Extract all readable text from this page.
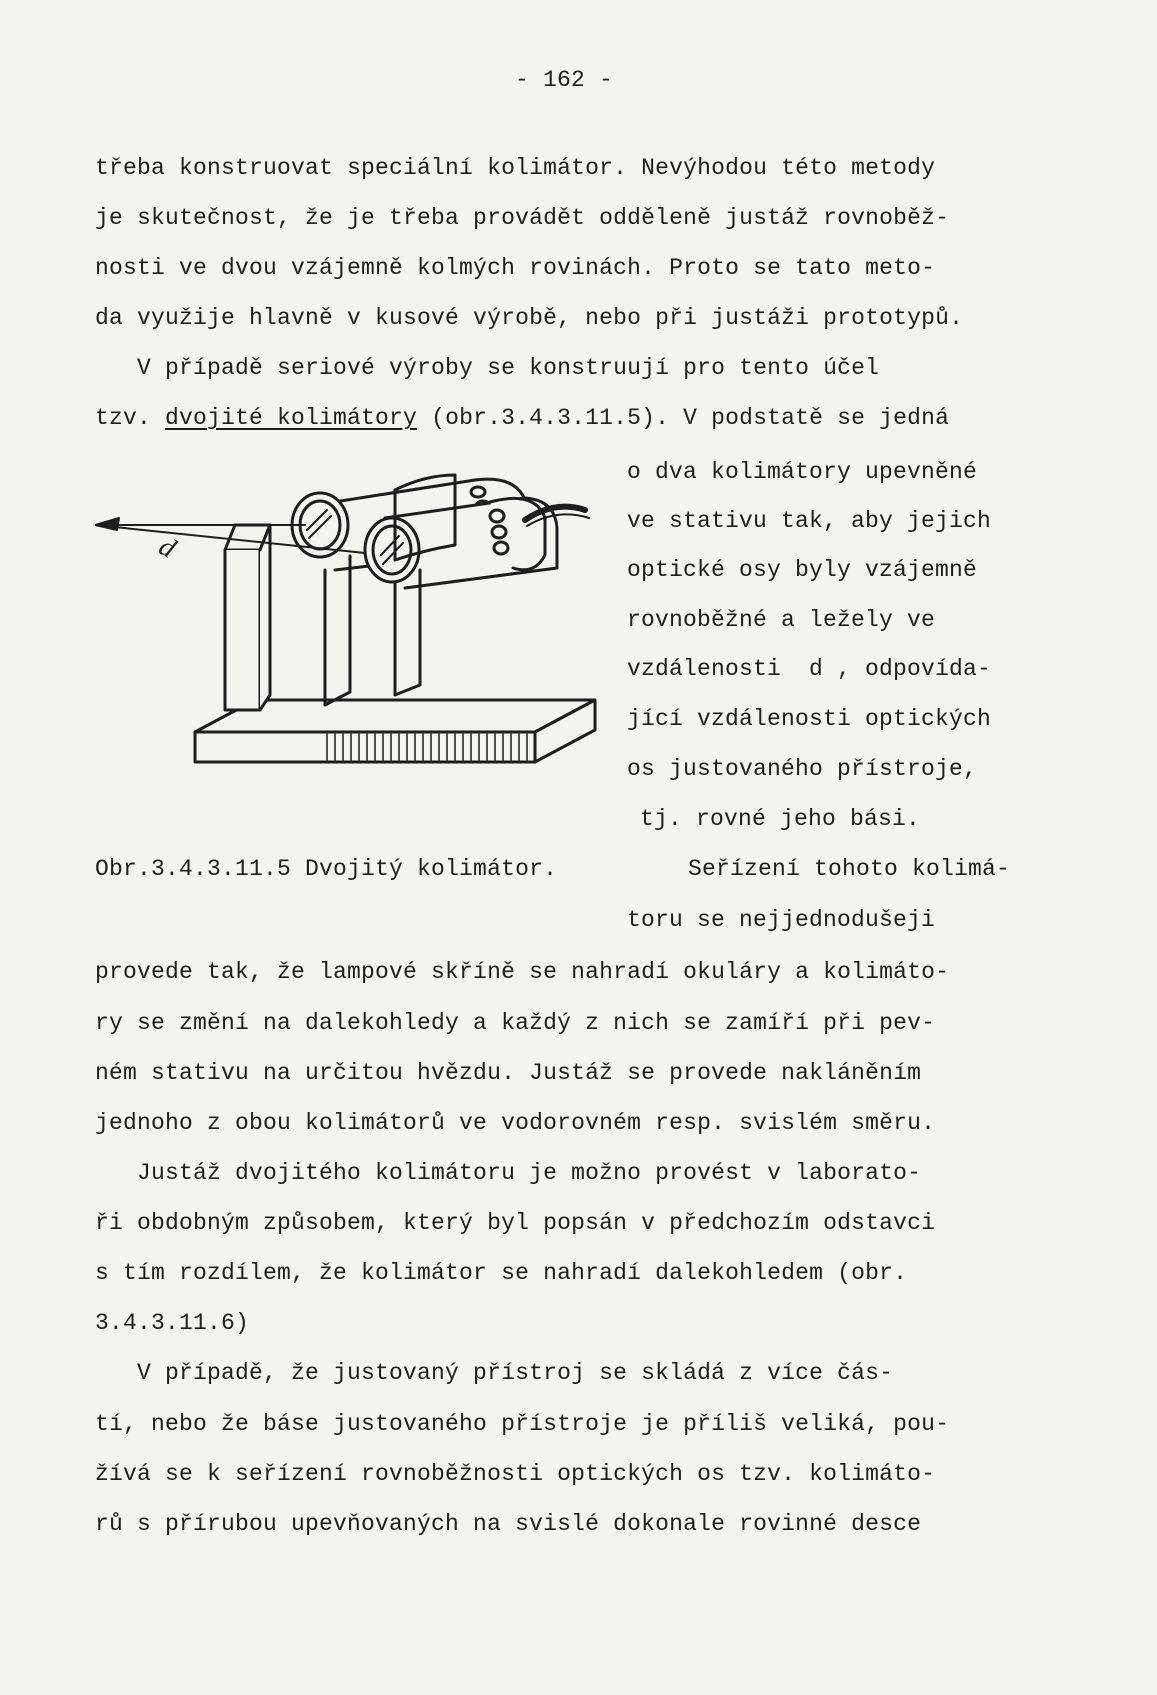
- 162 -
třeba konstruovat speciální kolimátor. Nevýhodou této metody
je skutečnost, že je třeba provádět odděleně justáž rovnoběž-
nosti ve dvou vzájemně kolmých rovinách. Proto se tato meto-
da využije hlavně v kusové výrobě, nebo při justáži prototypů.
V případě seriové výroby se konstruují pro tento účel
tzv. dvojité kolimátory (obr.3.4.3.11.5). V podstatě se jedná
o dva kolimátory upevněné
ve stativu tak, aby jejich
optické osy byly vzájemně
rovnoběžné a ležely ve
vzdálenosti  d , odpovída-
jící vzdálenosti optických
os justovaného přístroje,
tj. rovné jeho bási.
d
Obr.3.4.3.11.5 Dvojitý kolimátor.	Seřízení tohoto kolimá-
toru se nejjednodušeji
provede tak, že lampové skříně se nahradí okuláry a kolimáto-
ry se změní na dalekohledy a každý z nich se zamíří při pev-
ném stativu na určitou hvězdu. Justáž se provede nakláněním
jednoho z obou kolimátorů ve vodorovném resp. svislém směru.
Justáž dvojitého kolimátoru je možno provést v laborato-
ři obdobným způsobem, který byl popsán v předchozím odstavci
s tím rozdílem, že kolimátor se nahradí dalekohledem (obr.
3.4.3.11.6)
V případě, že justovaný přístroj se skládá z více čás-
tí, nebo že báse justovaného přístroje je příliš veliká, pou-
žívá se k seřízení rovnoběžnosti optických os tzv. kolimáto-
rů s přírubou upevňovaných na svislé dokonale rovinné desce
